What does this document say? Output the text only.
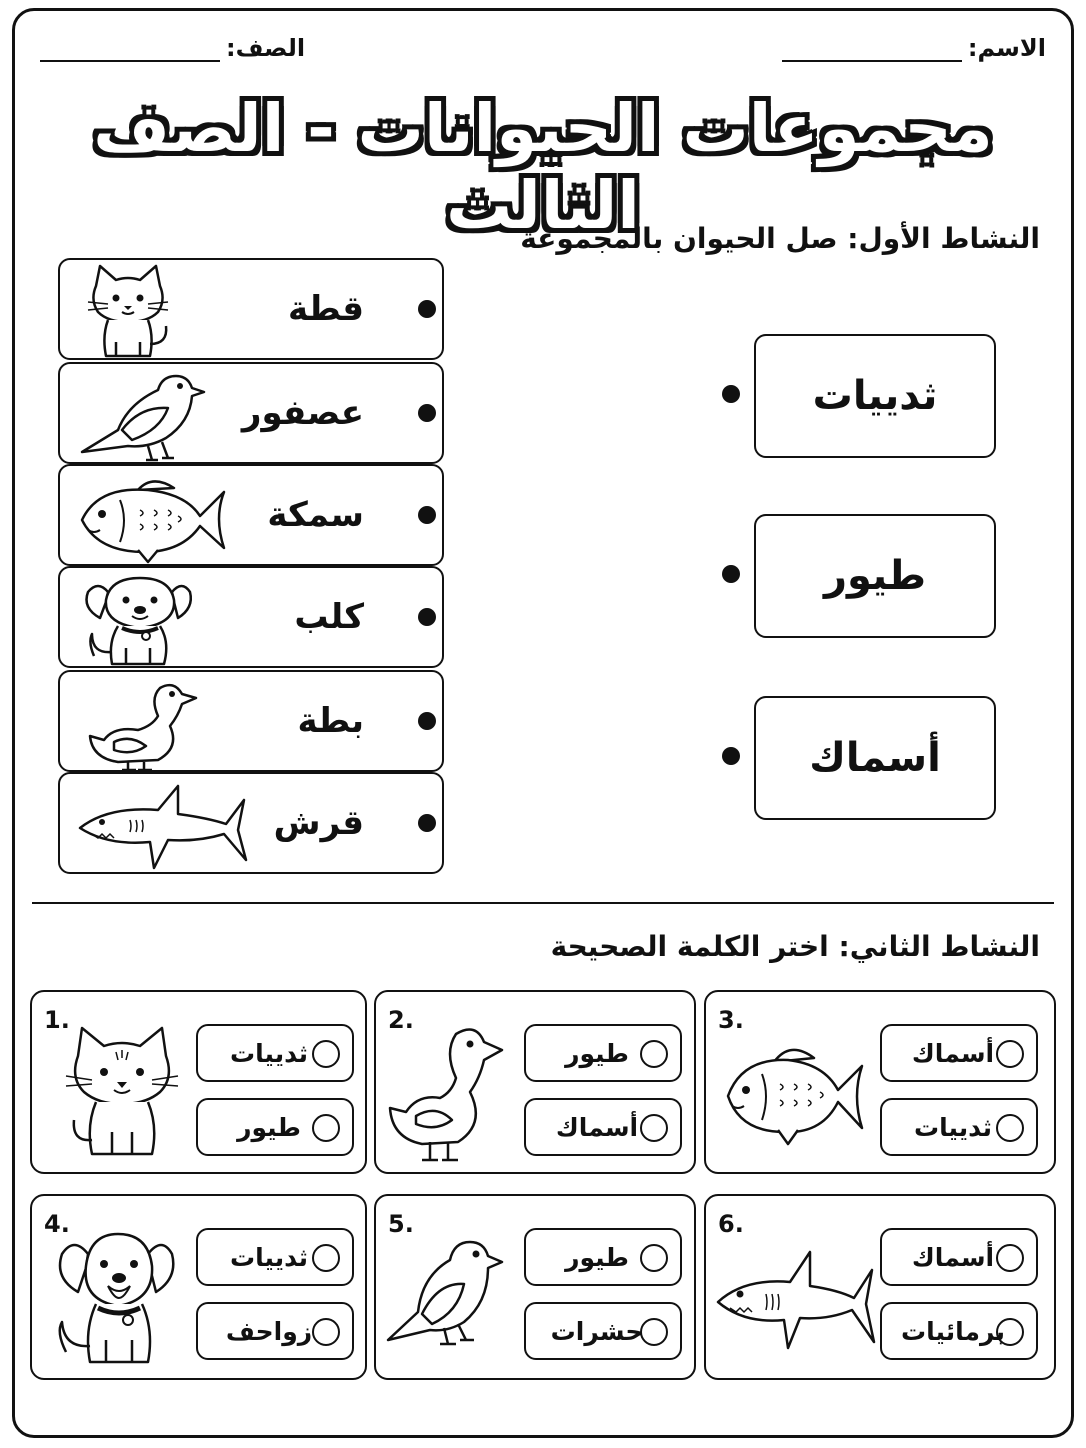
الاسم:
الصف:
مجموعات الحيوانات - الصف الثالث
النشاط الأول: صل الحيوان بالمجموعة
قطة
عصفور
سمكة
كلب
بطة
قرش
ثدييات
طيور
أسماك
النشاط الثاني: اختر الكلمة الصحيحة
1.
ثدييات
طيور
2.
طيور
أسماك
3.
أسماك
ثدييات
4.
ثدييات
زواحف
5.
طيور
حشرات
6.
أسماك
برمائيات
